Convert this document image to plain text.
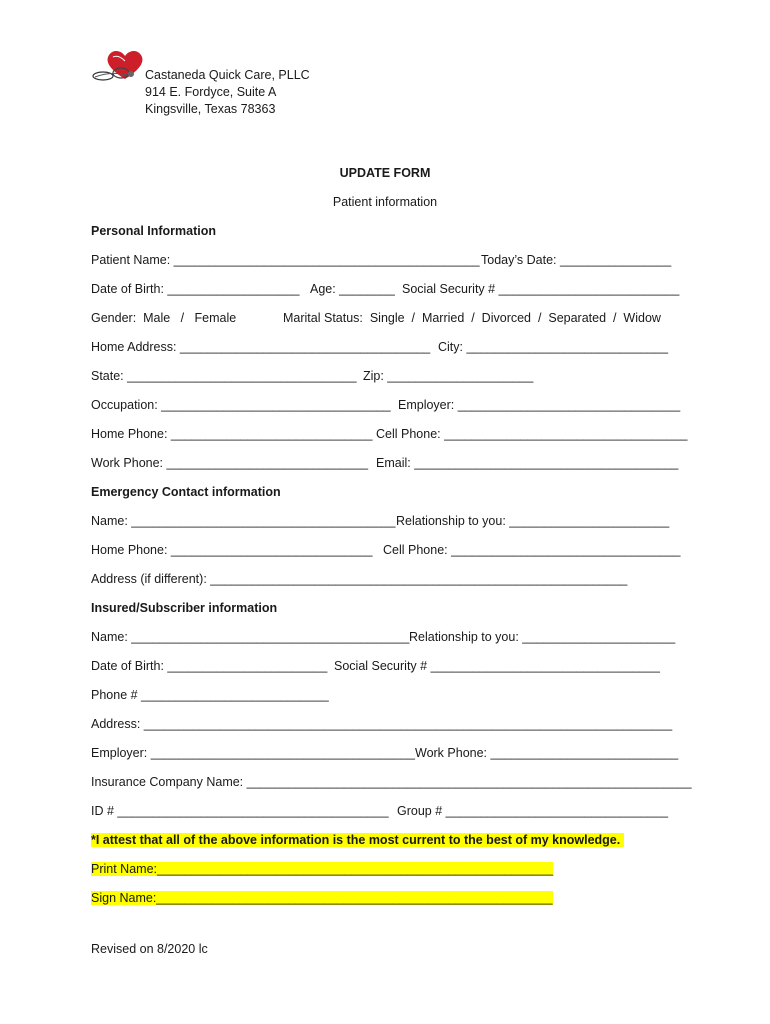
Castaneda Quick Care, PLLC
914 E. Fordyce, Suite A
Kingsville, Texas 78363
UPDATE FORM
Patient information
Personal Information
Patient Name: ____________________________________________ Today’s Date: ________________
Date of Birth: ___________________ Age: ________ Social Security # __________________________
Gender:  Male   /   Female	Marital Status:  Single  /  Married  /  Divorced  /  Separated  /  Widow
Home Address: ____________________________________ City: _____________________________
State: _________________________________ Zip: _____________________
Occupation: _________________________________ Employer: ________________________________
Home Phone: _____________________________ Cell Phone: ___________________________________
Work Phone: _____________________________ Email: ______________________________________
Emergency Contact information
Name: ______________________________________ Relationship to you: _______________________
Home Phone: _____________________________ Cell Phone: _________________________________
Address (if different): ____________________________________________________________
Insured/Subscriber information
Name: ________________________________________ Relationship to you: ______________________
Date of Birth: _______________________ Social Security # _________________________________
Phone # ___________________________
Address: ____________________________________________________________________________
Employer: ______________________________________ Work Phone: ___________________________
Insurance Company Name: ________________________________________________________________
ID # _______________________________________ Group # ________________________________
*I attest that all of the above information is the most current to the best of my knowledge.
Print Name:_________________________________________________________
Sign Name:_________________________________________________________
Revised on 8/2020 lc
